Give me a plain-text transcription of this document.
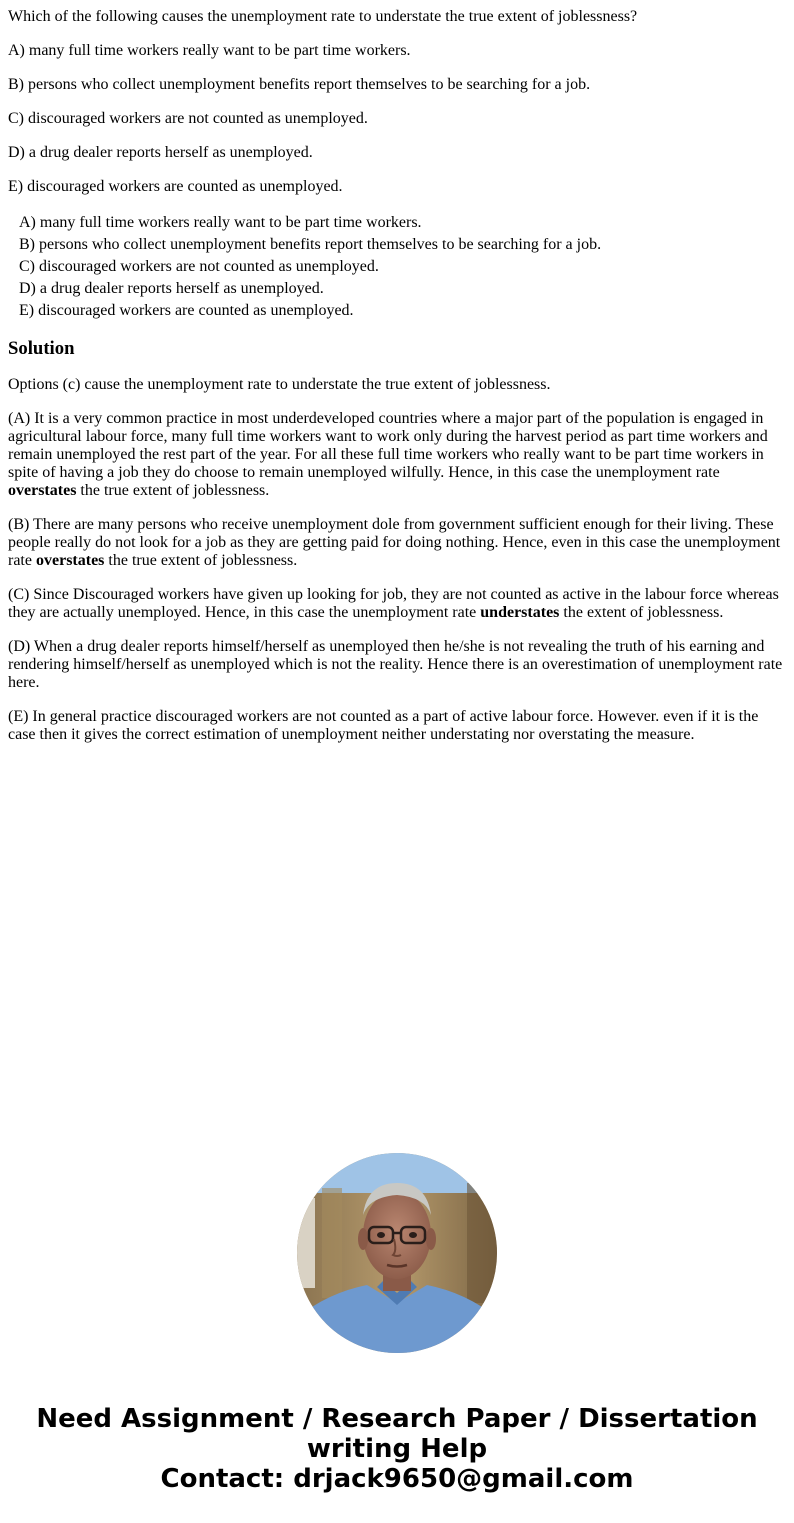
Which of the following causes the unemployment rate to understate the true extent of joblessness?

A) many full time workers really want to be part time workers.

B) persons who collect unemployment benefits report themselves to be searching for a job.

C) discouraged workers are not counted as unemployed.

D) a drug dealer reports herself as unemployed.

E) discouraged workers are counted as unemployed.

A) many full time workers really want to be part time workers.
B) persons who collect unemployment benefits report themselves to be searching for a job.
C) discouraged workers are not counted as unemployed.
D) a drug dealer reports herself as unemployed.
E) discouraged workers are counted as unemployed.
Solution

Options (c) cause the unemployment rate to understate the true extent of joblessness.

(A) It is a very common practice in most underdeveloped countries where a major part of the population is engaged in agricultural labour force, many full time workers want to work only during the harvest period as part time workers and remain unemployed the rest part of the year. For all these full time workers who really want to be part time workers in spite of having a job they do choose to remain unemployed wilfully. Hence, in this case the unemployment rate overstates the true extent of joblessness.

(B) There are many persons who receive unemployment dole from government sufficient enough for their living. These people really do not look for a job as they are getting paid for doing nothing. Hence, even in this case the unemployment rate overstates the true extent of joblessness.

(C) Since Discouraged workers have given up looking for job, they are not counted as active in the labour force whereas they are actually unemployed. Hence, in this case the unemployment rate understates the extent of joblessness.

(D) When a drug dealer reports himself/herself as unemployed then he/she is not revealing the truth of his earning and rendering himself/herself as unemployed which is not the reality. Hence there is an overestimation of unemployment rate here.

(E) In general practice discouraged workers are not counted as a part of active labour force. However. even if it is the case then it gives the correct estimation of unemployment neither understating nor overstating the measure.

Need Assignment / Research Paper / Dissertation
writing Help
Contact: drjack9650@gmail.com
